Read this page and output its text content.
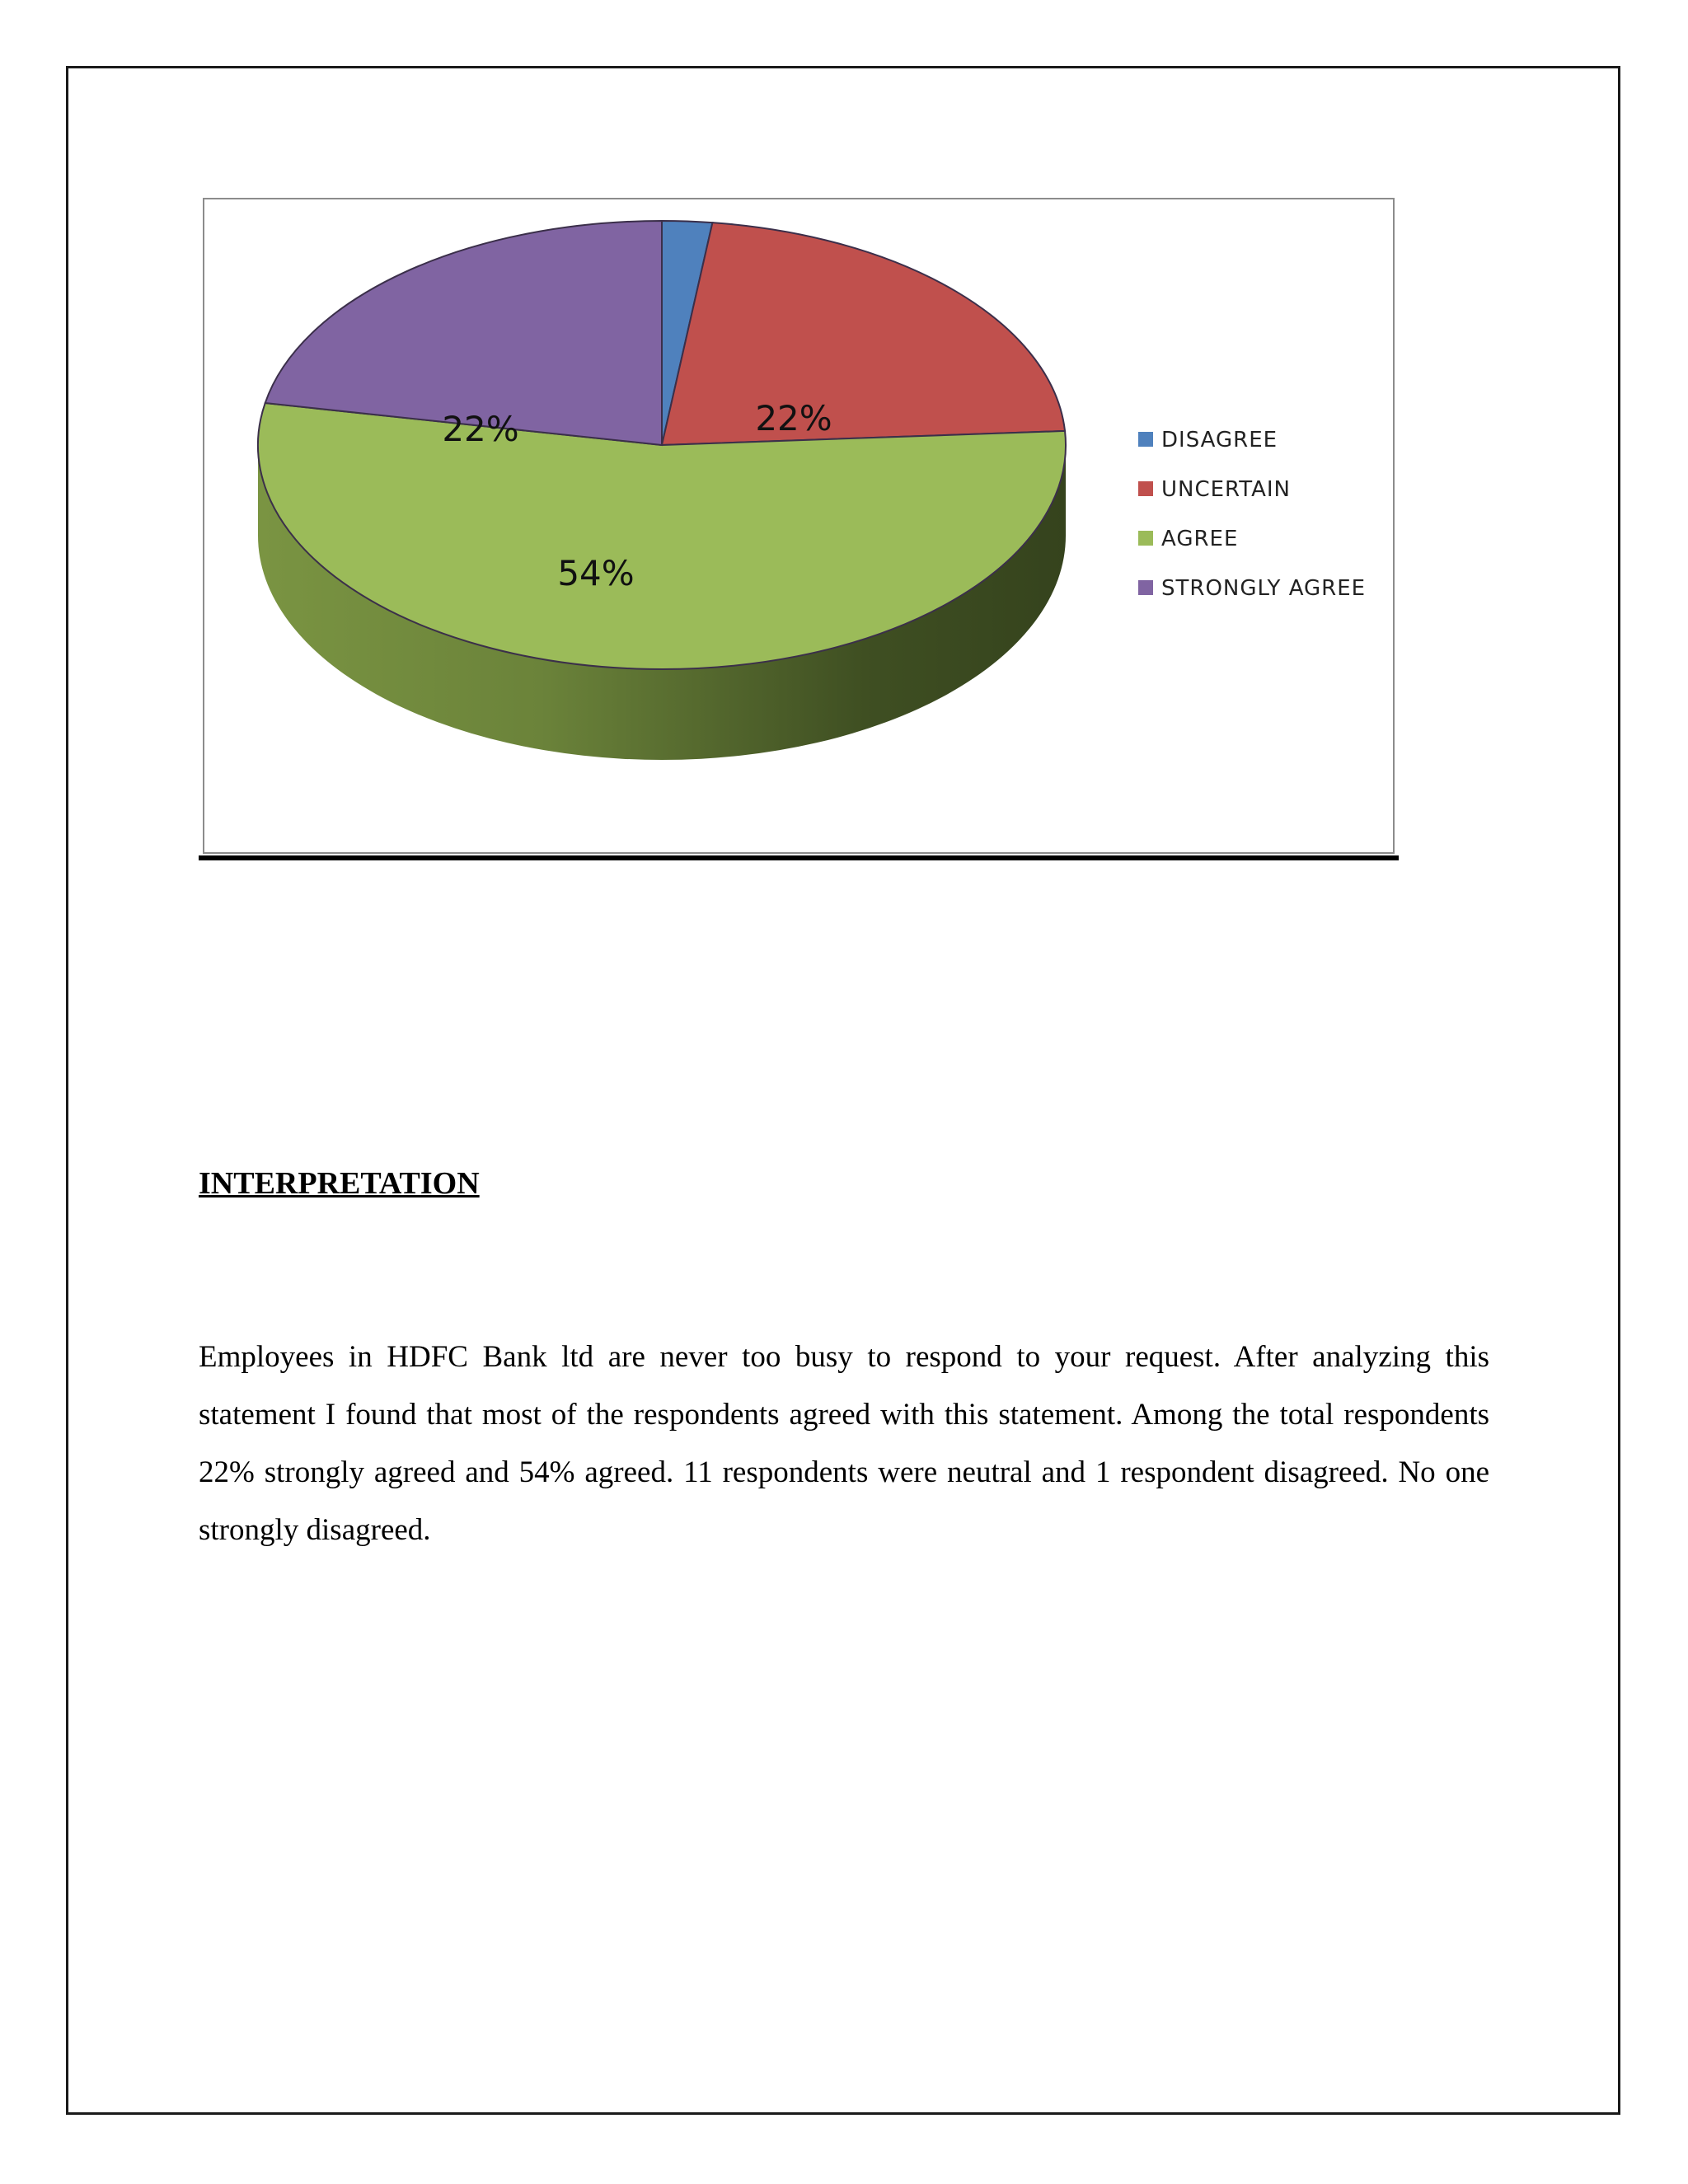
22%
54%
22%	DISAGREE
UNCERTAIN
AGREE
STRONGLY AGREE
INTERPRETATION
Employees in HDFC Bank ltd are never too busy to respond to your request. After analyzing this statement I found that most of the respondents agreed with this statement. Among the total respondents 22% strongly agreed and 54% agreed. 11 respondents were neutral and 1 respondent disagreed. No one strongly disagreed.
